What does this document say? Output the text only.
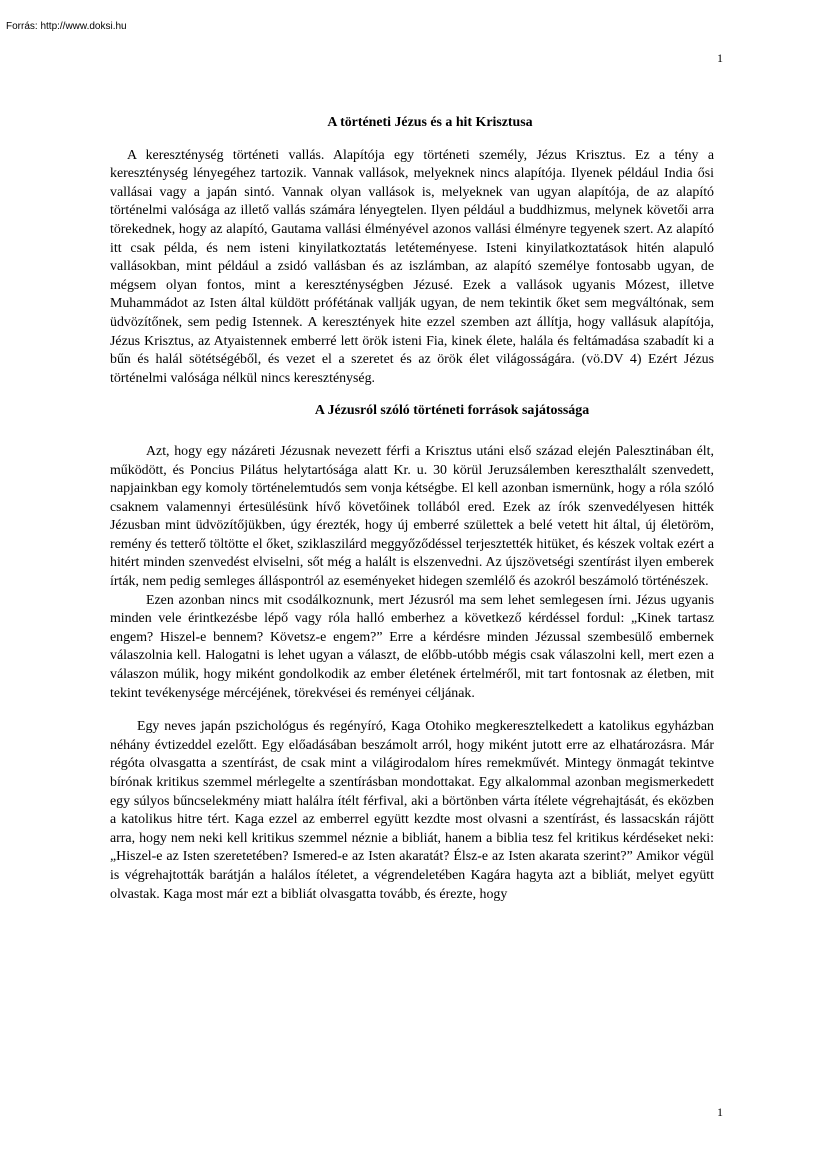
Forrás: http://www.doksi.hu
1
A történeti Jézus és a hit Krisztusa

A kereszténység történeti vallás. Alapítója egy történeti személy, Jézus Krisztus. Ez a tény a kereszténység lényegéhez tartozik. Vannak vallások, melyeknek nincs alapítója. Ilyenek például India ősi vallásai vagy a japán sintó. Vannak olyan vallások is, melyeknek van ugyan alapítója, de az alapító történelmi valósága az illető vallás számára lényegtelen. Ilyen például a buddhizmus, melynek követői arra törekednek, hogy az alapító, Gautama vallási élményével azonos vallási élményre tegyenek szert. Az alapító itt csak példa, és nem isteni kinyilatkoztatás letéteményese. Isteni kinyilatkoztatások hitén alapuló vallásokban, mint például a zsidó vallásban és az iszlámban, az alapító személye fontosabb ugyan, de mégsem olyan fontos, mint a kereszténységben Jézusé. Ezek a vallások ugyanis Mózest, illetve Muhammádot az Isten által küldött prófétának vallják ugyan, de nem tekintik őket sem megváltónak, sem üdvözítőnek, sem pedig Istennek. A keresztények hite ezzel szemben azt állítja, hogy vallásuk alapítója, Jézus Krisztus, az Atyaistennek emberré lett örök isteni Fia, kinek élete, halála és feltámadása szabadít ki a bűn és halál sötétségéből, és vezet el a szeretet és az örök élet világosságára. (vö.DV 4) Ezért Jézus történelmi valósága nélkül nincs kereszténység.

A Jézusról szóló történeti források sajátossága

Azt, hogy egy názáreti Jézusnak nevezett férfi a Krisztus utáni első század elején Palesztinában élt, működött, és Poncius Pilátus helytartósága alatt Kr. u. 30 körül Jeruzsálemben kereszthalált szenvedett, napjainkban egy komoly történelemtudós sem vonja kétségbe. El kell azonban ismernünk, hogy a róla szóló csaknem valamennyi értesülésünk hívő követőinek tollából ered. Ezek az írók szenvedélyesen hitték Jézusban mint üdvözítőjükben, úgy érezték, hogy új emberré születtek a belé vetett hit által, új életöröm, remény és tetterő töltötte el őket, sziklaszilárd meggyőződéssel terjesztették hitüket, és készek voltak ezért a hitért minden szenvedést elviselni, sőt még a halált is elszenvedni. Az újszövetségi szentírást ilyen emberek írták, nem pedig semleges álláspontról az eseményeket hidegen szemlélő és azokról beszámoló történészek.

Ezen azonban nincs mit csodálkoznunk, mert Jézusról ma sem lehet semlegesen írni. Jézus ugyanis minden vele érintkezésbe lépő vagy róla halló emberhez a következő kérdéssel fordul: „Kinek tartasz engem? Hiszel-e bennem? Követsz-e engem?” Erre a kérdésre minden Jézussal szembesülő embernek válaszolnia kell. Halogatni is lehet ugyan a választ, de előbb-utóbb mégis csak válaszolni kell, mert ezen a válaszon múlik, hogy miként gondolkodik az ember életének értelméről, mit tart fontosnak az életben, mit tekint tevékenysége mércéjének, törekvései és reményei céljának.

Egy neves japán pszichológus és regényíró, Kaga Otohiko megkeresztelkedett a katolikus egyházban néhány évtizeddel ezelőtt. Egy előadásában beszámolt arról, hogy miként jutott erre az elhatározásra. Már régóta olvasgatta a szentírást, de csak mint a világirodalom híres remekművét. Mintegy önmagát tekintve bírónak kritikus szemmel mérlegelte a szentírásban mondottakat. Egy alkalommal azonban megismerkedett egy súlyos bűncselekmény miatt halálra ítélt férfival, aki a börtönben várta ítélete végrehajtását, és eközben a katolikus hitre tért. Kaga ezzel az emberrel együtt kezdte most olvasni a szentírást, és lassacskán rájött arra, hogy nem neki kell kritikus szemmel néznie a bibliát, hanem a biblia tesz fel kritikus kérdéseket neki: „Hiszel-e az Isten szeretetében? Ismered-e az Isten akaratát? Élsz-e az Isten akarata szerint?” Amikor végül is végrehajtották barátján a halálos ítéletet, a végrendeletében Kagára hagyta azt a bibliát, melyet együtt olvastak. Kaga most már ezt a bibliát olvasgatta tovább, és érezte, hogy

1
